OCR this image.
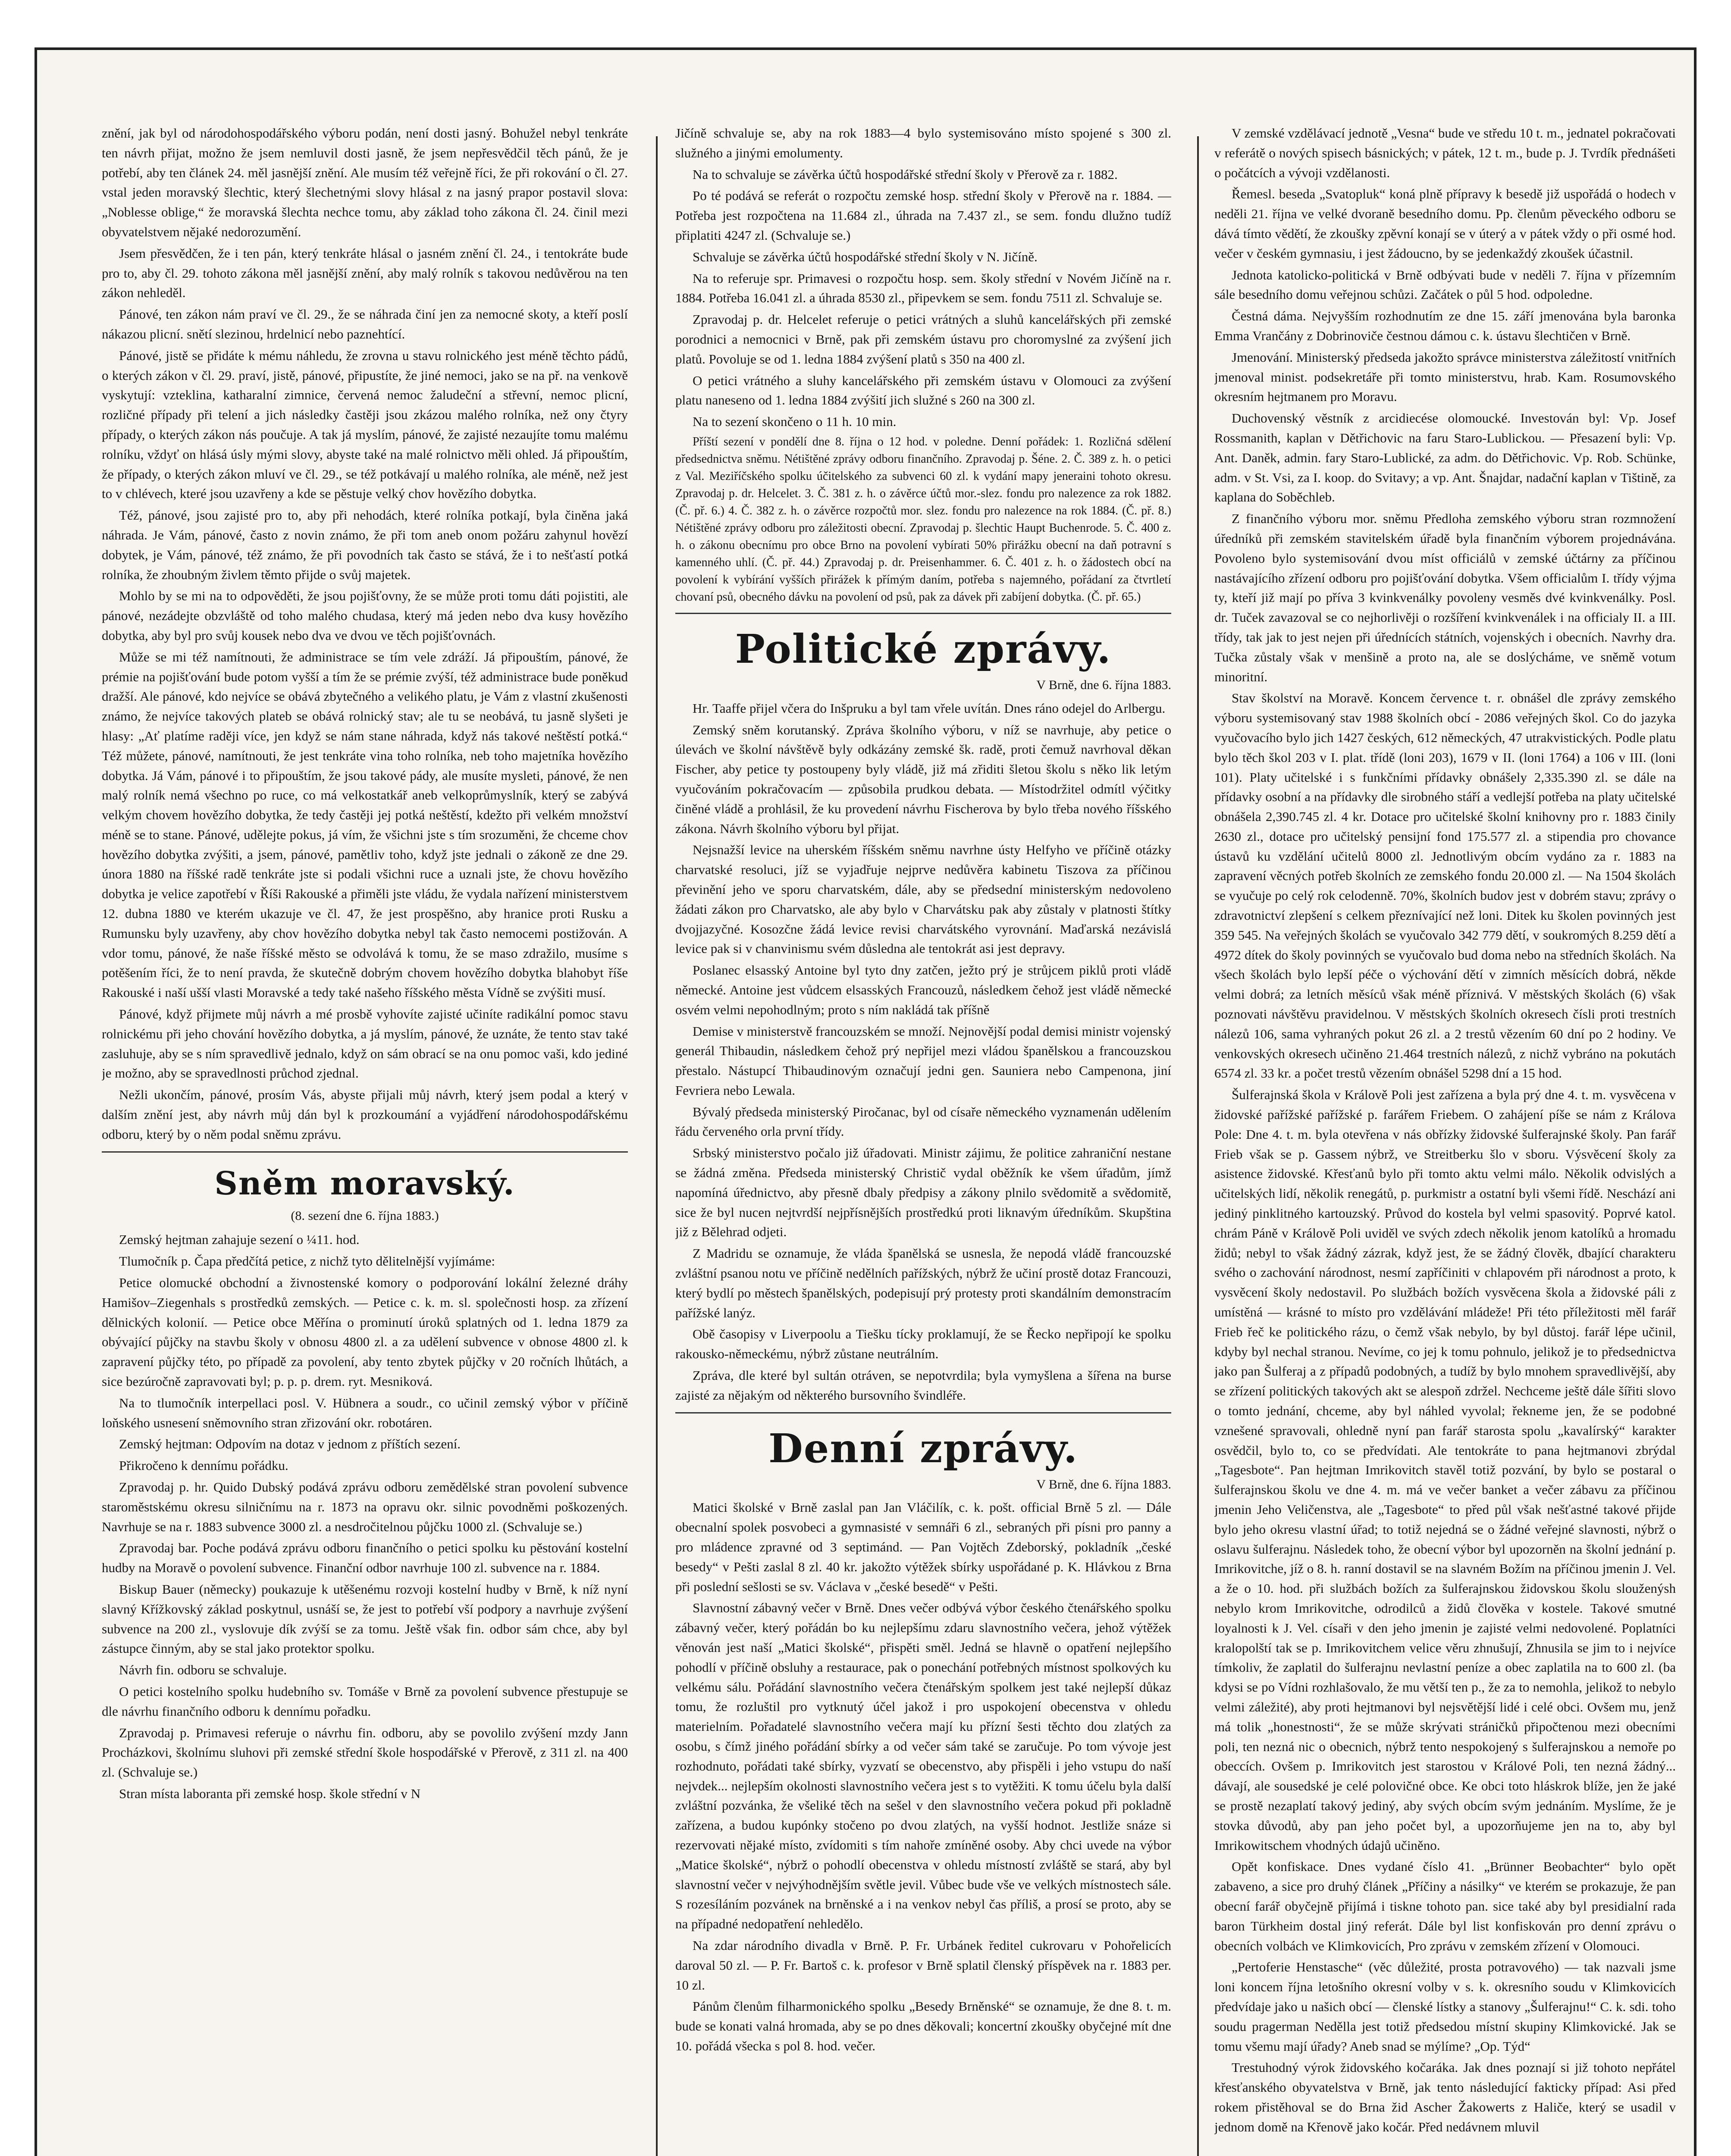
znění, jak byl od národohospodářského výboru podán, není dosti jasný. Bohužel nebyl tenkráte ten návrh přijat, možno že jsem nemluvil dosti jasně, že jsem nepřesvědčil těch pánů, že je potřebí, aby ten článek 24. měl jasnější znění. Ale musím též veřejně říci, že při rokování o čl. 27. vstal jeden moravský šlechtic, který šlechetnými slovy hlásal z na jasný prapor postavil slova: „Noblesse oblige,“ že moravská šlechta nechce tomu, aby základ toho zákona čl. 24. činil mezi obyvatelstvem nějaké nedorozumění.

Jsem přesvědčen, že i ten pán, který tenkráte hlásal o jasném znění čl. 24., i tentokráte bude pro to, aby čl. 29. tohoto zákona měl jasnější znění, aby malý rolník s takovou nedůvěrou na ten zákon nehleděl.

Pánové, ten zákon nám praví ve čl. 29., že se náhrada činí jen za nemocné skoty, a kteří poslí nákazou plicní. snětí slezinou, hrdelnicí nebo paznehtící.

Pánové, jistě se přidáte k mému náhledu, že zrovna u stavu rolnického jest méně těchto pádů, o kterých zákon v čl. 29. praví, jistě, pánové, připustíte, že jiné nemoci, jako se na př. na venkově vyskytují: vzteklina, katharalní zimnice, červená nemoc žaludeční a střevní, nemoc plicní, rozličné případy při telení a jich následky častěji jsou zkázou malého rolníka, než ony čtyry případy, o kterých zákon nás poučuje. A tak já myslím, pánové, že zajisté nezaujíte tomu malému rolníku, vždyť on hlásá úsly mými slovy, abyste také na malé rolnictvo měli ohled. Já připouštím, že případy, o kterých zákon mluví ve čl. 29., se též potkávají u malého rolníka, ale méně, než jest to v chlévech, které jsou uzavřeny a kde se pěstuje velký chov hovězího dobytka.

Též, pánové, jsou zajisté pro to, aby při nehodách, které rolníka potkají, byla činěna jaká náhrada. Je Vám, pánové, často z novin známo, že při tom aneb onom požáru zahynul hovězí dobytek, je Vám, pánové, též známo, že při povodních tak často se stává, že i to nešťastí potká rolníka, že zhoubným živlem těmto přijde o svůj majetek.

Mohlo by se mi na to odpověděti, že jsou pojišťovny, že se může proti tomu dáti pojistiti, ale pánové, nezádejte obzvláště od toho malého chudasa, který má jeden nebo dva kusy hovězího dobytka, aby byl pro svůj kousek nebo dva ve dvou ve těch pojišťovnách.

Může se mi též namítnouti, že administrace se tím vele zdráží. Já připouštím, pánové, že prémie na pojišťování bude potom vyšší a tím že se prémie zvýší, též administrace bude poněkud dražší. Ale pánové, kdo nejvíce se obává zbytečného a velikého platu, je Vám z vlastní zkušenosti známo, že nejvíce takových plateb se obává rolnický stav; ale tu se neobává, tu jasně slyšeti je hlasy: „Ať platíme raději více, jen když se nám stane náhrada, když nás takové neštěstí potká.“ Též můžete, pánové, namítnouti, že jest tenkráte vina toho rolníka, neb toho majetníka hovězího dobytka. Já Vám, pánové i to připouštím, že jsou takové pády, ale musíte mysleti, pánové, že nen malý rolník nemá všechno po ruce, co má velkostatkář aneb velkoprůmyslník, který se zabývá velkým chovem hovězího dobytka, že tedy častěji jej potká neštěstí, kdežto při velkém množství méně se to stane. Pánové, udělejte pokus, já vím, že všichni jste s tím srozuměni, že chceme chov hovězího dobytka zvýšiti, a jsem, pánové, pamětliv toho, když jste jednali o zákoně ze dne 29. února 1880 na říšské radě tenkráte jste si podali všichni ruce a uznali jste, že chovu hovězího dobytka je velice zapotřebí v Říši Rakouské a přiměli jste vládu, že vydala nařízení ministerstvem 12. dubna 1880 ve kterém ukazuje ve čl. 47, že jest prospěšno, aby hranice proti Rusku a Rumunsku byly uzavřeny, aby chov hovězího dobytka nebyl tak často nemocemi postižován. A vdor tomu, pánové, že naše říšské město se odvolává k tomu, že se maso zdražilo, musíme s potěšením říci, že to není pravda, že skutečně dobrým chovem hovězího dobytka blahobyt říše Rakouské i naší ušší vlasti Moravské a tedy také našeho říšského města Vídně se zvýšiti musí.

Pánové, když přijmete můj návrh a mé prosbě vyhovíte zajisté učiníte radikální pomoc stavu rolnickému při jeho chování hovězího dobytka, a já myslím, pánové, že uznáte, že tento stav také zasluhuje, aby se s ním spravedlivě jednalo, když on sám obrací se na onu pomoc vaši, kdo jediné je možno, aby se spravedlnosti průchod zjednal.

Nežli ukončím, pánové, prosím Vás, abyste přijali můj návrh, který jsem podal a který v dalším znění jest, aby návrh můj dán byl k prozkoumání a vyjádření národohospodářskému odboru, který by o něm podal sněmu zprávu.

Sněm moravský.
(8. sezení dne 6. října 1883.)

Zemský hejtman zahajuje sezení o ¼11. hod.

Tlumočník p. Čapa předčítá petice, z nichž tyto dělitelnější vyjímáme:

Petice olomucké obchodní a živnostenské komory o podporování lokální železné dráhy Hamišov–Ziegenhals s prostředků zemských. — Petice c. k. m. sl. společnosti hosp. za zřízení dělnických kolonií. — Petice obce Měřína o prominutí úroků splatných od 1. ledna 1879 za obývající půjčky na stavbu školy v obnosu 4800 zl. a za udělení subvence v obnose 4800 zl. k zapravení půjčky této, po případě za povolení, aby tento zbytek půjčky v 20 ročních lhůtách, a sice bezúročně zapravovati byl; p. p. p. drem. ryt. Mesniková.

Na to tlumočník interpellaci posl. V. Hübnera a soudr., co učinil zemský výbor v příčině loňského usnesení sněmovního stran zřizování okr. robotáren.

Zemský hejtman: Odpovím na dotaz v jednom z příštích sezení.

Přikročeno k dennímu pořádku.

Zpravodaj p. hr. Quido Dubský podává zprávu odboru zemědělské stran povolení subvence staroměstskému okresu silničnímu na r. 1873 na opravu okr. silnic povodněmi poškozených. Navrhuje se na r. 1883 subvence 3000 zl. a nesdročitelnou půjčku 1000 zl. (Schvaluje se.)

Zpravodaj bar. Poche podává zprávu odboru finančního o petici spolku ku pěstování kostelní hudby na Moravě o povolení subvence. Finanční odbor navrhuje 100 zl. subvence na r. 1884.

Biskup Bauer (německy) poukazuje k utěšenému rozvoji kostelní hudby v Brně, k níž nyní slavný Křížkovský základ poskytnul, usnáší se, že jest to potřebí vší podpory a navrhuje zvýšení subvence na 200 zl., vyslovuje dík zvýší se za tomu. Ještě však fin. odbor sám chce, aby byl zástupce činným, aby se stal jako protektor spolku.

Návrh fin. odboru se schvaluje.

O petici kostelního spolku hudebního sv. Tomáše v Brně za povolení subvence přestupuje se dle návrhu finančního odboru k dennímu pořadku.

Zpravodaj p. Primavesi referuje o návrhu fin. odboru, aby se povolilo zvýšení mzdy Jann Procházkovi, školnímu sluhovi při zemské střední škole hospodářské v Přerově, z 311 zl. na 400 zl. (Schvaluje se.)

Stran místa laboranta při zemské hosp. škole střední v N

Jičíně schvaluje se, aby na rok 1883—4 bylo systemisováno místo spojené s 300 zl. služného a jinými emolumenty.

Na to schvaluje se závěrka účtů hospodářské střední školy v Přerově za r. 1882.

Po té podává se referát o rozpočtu zemské hosp. střední školy v Přerově na r. 1884. — Potřeba jest rozpočtena na 11.684 zl., úhrada na 7.437 zl., se sem. fondu dlužno tudíž připlatiti 4247 zl. (Schvaluje se.)

Schvaluje se závěrka účtů hospodářské střední školy v N. Jičíně.

Na to referuje spr. Primavesi o rozpočtu hosp. sem. školy střední v Novém Jičíně na r. 1884. Potřeba 16.041 zl. a úhrada 8530 zl., připevkem se sem. fondu 7511 zl. Schvaluje se.

Zpravodaj p. dr. Helcelet referuje o petici vrátných a sluhů kancelářských při zemské porodnici a nemocnici v Brně, pak při zemském ústavu pro choromyslné za zvýšení jich platů. Povoluje se od 1. ledna 1884 zvýšení platů s 350 na 400 zl.

O petici vrátného a sluhy kancelářského při zemském ústavu v Olomouci za zvýšení platu naneseno od 1. ledna 1884 zvýšití jich služné s 260 na 300 zl.

Na to sezení skončeno o 11 h. 10 min.

Příští sezení v pondělí dne 8. října o 12 hod. v poledne. Denní pořádek: 1. Rozličná sdělení předsednictva sněmu. Nétištěné zprávy odboru finančního. Zpravodaj p. Šéne. 2. Č. 389 z. h. o petici z Val. Meziříčského spolku účitelského za subvenci 60 zl. k vydání mapy jeneraini tohoto okresu. Zpravodaj p. dr. Helcelet. 3. Č. 381 z. h. o závěrce účtů mor.-slez. fondu pro nalezence za rok 1882. (Č. př. 6.) 4. Č. 382 z. h. o závěrce rozpočtů mor. slez. fondu pro nalezence na rok 1884. (Č. př. 8.) Nétištěné zprávy odboru pro záležitosti obecní. Zpravodaj p. šlechtic Haupt Buchenrode. 5. Č. 400 z. h. o zákonu obecnímu pro obce Brno na povolení vybírati 50% přirážku obecní na daň potravní s kamenného uhlí. (Č. př. 44.) Zpravodaj p. dr. Preisenhammer. 6. Č. 401 z. h. o žádostech obcí na povolení k vybírání vyšších přirážek k přímým daním, potřeba s najemného, pořádaní za čtvrtletí chovaní psů, obecného dávku na povolení od psů, pak za dávek při zabíjení dobytka. (Č. př. 65.)

Politické zprávy.
V Brně, dne 6. října 1883.

Hr. Taaffe přijel včera do Inšpruku a byl tam vřele uvítán. Dnes ráno odejel do Arlbergu.

Zemský sněm korutanský. Zpráva školního výboru, v níž se navrhuje, aby petice o úlevách ve školní návštěvě byly odkázány zemské šk. radě, proti čemuž navrhoval děkan Fischer, aby petice ty postoupeny byly vládě, již má zřiditi šletou školu s něko lik letým vyučováním pokračovacím — způsobila prudkou debata. — Místodržitel odmítl výčitky činěné vládě a prohlásil, že ku provedení návrhu Fischerova by bylo třeba nového říšského zákona. Návrh školního výboru byl přijat.

Nejsnažší levice na uherském říšském sněmu navrhne ústy Helfyho ve příčině otázky charvatské resoluci, jíž se vyjadřuje nejprve nedůvěra kabinetu Tiszova za příčinou převinění jeho ve sporu charvatském, dále, aby se předsední ministerským nedovoleno žádati zákon pro Charvatsko, ale aby bylo v Charvátsku pak aby zůstaly v platnosti štítky dvojjazyčné. Kosozčne žádá levice revisi charvátského vyrovnání. Maďarská nezávislá levice pak si v chanvinismu svém důsledna ale tentokrát asi jest depravy.

Poslanec elsasský Antoine byl tyto dny zatčen, ježto prý je strůjcem piklů proti vládě německé. Antoine jest vůdcem elsasských Francouzů, následkem čehož jest vládě německé osvém velmi nepohodlným; proto s ním nakládá tak příšně

Demise v ministerstvě francouzském se množí. Nejnovější podal demisi ministr vojenský generál Thibaudin, následkem čehož prý nepřijel mezi vládou španělskou a francouzskou přestalo. Nástupcí Thibaudinovým označují jedni gen. Sauniera nebo Campenona, jiní Fevriera nebo Lewala.

Bývalý předseda ministerský Piročanac, byl od císaře německého vyznamenán udělením řádu červeného orla první třídy.

Srbský ministerstvo počalo již úřadovati. Ministr zájimu, že politice zahraniční nestane se žádná změna. Předseda ministerský Christič vydal oběžník ke všem úřadům, jímž napomíná úřednictvo, aby přesně dbaly předpisy a zákony plnilo svědomitě a svědomitě, sice že byl nucen nejtvrdší nejpřísnějších prostředkú proti liknavým úředníkům. Skupština již z Bělehrad odjeti.

Z Madridu se oznamuje, že vláda španělská se usnesla, že nepodá vládě francouzské zvláštní psanou notu ve příčině nedělních pařížských, nýbrž že učiní prostě dotaz Francouzi, který bydlí po městech španělských, podepisují prý protesty proti skandálním demonstracím pařížské lanýz.

Obě časopisy v Liverpoolu a Tiešku tícky proklamují, že se Řecko nepřipojí ke spolku rakousko-německému, nýbrž zůstane neutrálním.

Zpráva, dle které byl sultán otráven, se nepotvrdila; byla vymyšlena a šířena na burse zajisté za nějakým od některého bursovního švindléře.

Denní zprávy.
V Brně, dne 6. října 1883.

Matici školské v Brně zaslal pan Jan Vláčilík, c. k. pošt. official Brně 5 zl. — Dále obecnalní spolek posvobeci a gymnasisté v semnáři 6 zl., sebraných při písni pro panny a pro mládence zpravné od 3 septimánd. — Pan Vojtěch Zdeborský, pokladník „české besedy“ v Pešti zaslal 8 zl. 40 kr. jakožto výtěžek sbírky uspořádané p. K. Hlávkou z Brna při poslední sešlosti se sv. Václava v „české besedě“ v Pešti.

Slavnostní zábavný večer v Brně. Dnes večer odbývá výbor českého čtenářského spolku zábavný večer, který pořádán bo ku nejlepšímu zdaru slavnostního večera, jehož výtěžek věnován jest naší „Matici školské“, přispěti směl. Jedná se hlavně o opatření nejlepšího pohodlí v příčině obsluhy a restaurace, pak o ponechání potřebných místnost spolkových ku velkému sálu. Pořádání slavnostního večera čtenářským spolkem jest také nejlepší důkaz tomu, že rozluštil pro vytknutý účel jakož i pro uspokojení obecenstva v ohledu materielním. Pořadatelé slavnostního večera mají ku přízní šesti těchto dou zlatých za osobu, s čímž jiného pořádání sbírky a od večer sám také se zaručuje. Po tom vývoje jest rozhodnuto, pořádati také sbírky, vyzvatí se obecenstvo, aby přispěli i jeho vstupu do naší nejvdek... nejlepším okolnosti slavnostního večera jest s to vytěžiti. K tomu účelu byla další zvláštní pozvánka, že všeliké těch na sešel v den slavnostního večera pokud při pokladně zařízena, a budou kupónky stočeno po dvou zlatých, na vyšší hodnot. Jestliže snáze si rezervovati nějaké místo, zvídomiti s tím nahoře zmíněné osoby. Aby chci uvede na výbor „Matice školské“, nýbrž o pohodlí obecenstva v ohledu místností zvláště se stará, aby byl slavnostní večer v nejvýhodnějším světle jevil. Vůbec bude vše ve velkých místnostech sále. S rozesíláním pozvánek na brněnské a i na venkov nebyl čas příliš, a prosí se proto, aby se na případné nedopatření nehledělo.

Na zdar národního divadla v Brně. P. Fr. Urbánek ředitel cukrovaru v Pohořelicích daroval 50 zl. — P. Fr. Bartoš c. k. profesor v Brně splatil členský příspěvek na r. 1883 per. 10 zl.

Pánům členům filharmonického spolku „Besedy Brněnské“ se oznamuje, že dne 8. t. m. bude se konati valná hromada, aby se po dnes děkovali; koncertní zkoušky obyčejné mít dne 10. pořádá všecka s pol 8. hod. večer.

V zemské vzdělávací jednotě „Vesna“ bude ve středu 10 t. m., jednatel pokračovati v referátě o nových spisech básnických; v pátek, 12 t. m., bude p. J. Tvrdík přednášeti o počátcích a vývoji vzdělanosti.

Řemesl. beseda „Svatopluk“ koná plně přípravy k besedě již uspořádá o hodech v neděli 21. října ve velké dvoraně besedního domu. Pp. členům pěveckého odboru se dává tímto vědětí, že zkoušky zpěvní konají se v úterý a v pátek vždy o při osmé hod. večer v českém gymnasiu, i jest žádoucno, by se jedenkaždý zkoušek účastnil.

Jednota katolicko-politická v Brně odbývati bude v neděli 7. října v přízemním sále besedního domu veřejnou schůzi. Začátek o půl 5 hod. odpoledne.

Čestná dáma. Nejvyšším rozhodnutím ze dne 15. září jmenována byla baronka Emma Vrančány z Dobrinoviče čestnou dámou c. k. ústavu šlechtičen v Brně.

Jmenování. Ministerský předseda jakožto správce ministerstva záležitostí vnitřních jmenoval minist. podsekretáře při tomto ministerstvu, hrab. Kam. Rosumovského okresním hejtmanem pro Moravu.

Duchovenský věstník z arcidiecése olomoucké. Investován byl: Vp. Josef Rossmanith, kaplan v Dětřichovic na faru Staro-Lublickou. — Přesazení byli: Vp. Ant. Daněk, admin. fary Staro-Lublické, za adm. do Dětřichovic. Vp. Rob. Schünke, adm. v St. Vsi, za I. koop. do Svitavy; a vp. Ant. Šnajdar, nadační kaplan v Tištině, za kaplana do Soběchleb.

Z finančního výboru mor. sněmu Předloha zemského výboru stran rozmnožení úředníků při zemském stavitelském úřadě byla finančním výborem projednávána. Povoleno bylo systemisování dvou míst officiálů v zemské účtárny za příčinou nastávajícího zřízení odboru pro pojišťování dobytka. Všem officialům I. třídy výjma ty, kteří již mají po příva 3 kvinkvenálky povoleny vesměs dvé kvinkvenálky. Posl. dr. Tuček zavazoval se co nejhorlivěji o rozšíření kvinkvenálek i na officialy II. a III. třídy, tak jak to jest nejen při úřednících státních, vojenských i obecních. Navrhy dra. Tučka zůstaly však v menšině a proto na, ale se doslýcháme, ve sněmě votum minoritní.

Stav školství na Moravě. Koncem července t. r. obnášel dle zprávy zemského výboru systemisovaný stav 1988 školních obcí - 2086 veřejných škol. Co do jazyka vyučovacího bylo jich 1427 českých, 612 německých, 47 utrakvistických. Podle platu bylo těch škol 203 v I. plat. třídě (loni 203), 1679 v II. (loni 1764) a 106 v III. (loni 101). Platy učitelské i s funkčními přídavky obnášely 2,335.390 zl. se dále na přídavky osobní a na přídavky dle sirobného stáří a vedlejší potřeba na platy učitelské obnášela 2,390.745 zl. 4 kr. Dotace pro učitelské školní knihovny pro r. 1883 činily 2630 zl., dotace pro učitelský pensijní fond 175.577 zl. a stipendia pro chovance ústavů ku vzdělání učitelů 8000 zl. Jednotlivým obcím vydáno za r. 1883 na zapravení věcných potřeb školních ze zemského fondu 20.000 zl. — Na 1504 školách se vyučuje po celý rok celodenně. 70%, školních budov jest v dobrém stavu; zprávy o zdravotnictví zlepšení s celkem přeznívající než loni. Ditek ku školen povinných jest 359 545. Na veřejných školách se vyučovalo 342 779 dětí, v soukromých 8.259 dětí a 4972 dítek do školy povinných se vyučovalo bud doma nebo na středních školách. Na všech školách bylo lepší péče o výchování dětí v zimních měsících dobrá, někde velmi dobrá; za letních měsíců však méně příznivá. V městských školách (6) však poznovati návštěvu pravidelnou. V městských školních okresech čísli proti trestních nálezů 106, sama vyhraných pokut 26 zl. a 2 trestů vězením 60 dní po 2 hodiny. Ve venkovských okresech učiněno 21.464 trestních nálezů, z nichž vybráno na pokutách 6574 zl. 33 kr. a počet trestů vězením obnášel 5298 dní a 15 hod.

Šulferajnská škola v Králově Poli jest zařízena a byla prý dne 4. t. m. vysvěcena v židovské pařížské pařížské p. farářem Friebem. O zahájení píše se nám z Králova Pole: Dne 4. t. m. byla otevřena v nás obřízky židovské šulferajnské školy. Pan farář Frieb však se p. Gassem nýbrž, ve Streitberku šlo v sboru. Výsvěcení školy za asistence židovské. Křesťanů bylo při tomto aktu velmi málo. Několik odvislých a učitelských lidí, několik renegátů, p. purkmistr a ostatní byli všemi řídě. Neschází ani jediný pinklitného kartouzský. Průvod do kostela byl velmi spasovitý. Poprvé katol. chrám Páně v Králově Poli uviděl ve svých zdech několik jenom katolíků a hromadu židů; nebyl to však žádný zázrak, když jest, že se žádný člověk, dbající charakteru svého o zachování národnost, nesmí zapříčiniti v chlapovém při národnost a proto, k vysvěcení školy nedostavil. Po službách božích vysvěcena škola a židovské páli z umístěná — krásné to místo pro vzdělávání mládeže! Při této příležitosti měl farář Frieb řeč ke politického rázu, o čemž však nebylo, by byl důstoj. farář lépe učinil, kdyby byl nechal stranou. Nevíme, co jej k tomu pohnulo, jelikož je to předsednictva jako pan Šulferaj a z případů podobných, a tudíž by bylo mnohem spravedlivější, aby se zřízení politických takových akt se alespoň zdržel. Nechceme ještě dále šířiti slovo o tomto jednání, chceme, aby byl náhled vyvolal; řekneme jen, že se podobné vznešené spravovali, ohledně nyní pan farář starosta spolu „kavalírský“ karakter osvědčil, bylo to, co se předvídati. Ale tentokráte to pana hejtmanovi zbrýdal „Tagesbote“. Pan hejtman Imrikovitch stavěl totiž pozvání, by bylo se postaral o šulferajnskou školu ve dne 4. m. má ve večer banket a večer zábavu za příčinou jmenin Jeho Veličenstva, ale „Tagesbote“ to před půl však nešťastné takové přijde bylo jeho okresu vlastní úřad; to totiž nejedná se o žádné veřejné slavnosti, nýbrž o oslavu šulferajnu. Následek toho, že obecní výbor byl upozorněn na školní jednání p. Imrikovitche, jíž o 8. h. ranní dostavil se na slavném Božím na příčinou jmenin J. Vel. a že o 10. hod. při službách božích za šulferajnskou židovskou školu slouženýsh nebylo krom Imrikovitche, odrodilců a židů člověka v kostele. Takové smutné loyalnosti k J. Vel. císaři v den jeho jmenin je zajisté velmi nedovolené. Poplatníci kralopolští tak se p. Imrikovitchem velice věru zhnušují, Zhnusila se jim to i nejvíce tímkoliv, že zaplatil do šulferajnu nevlastní peníze a obec zaplatila na to 600 zl. (ba kdysi se po Vídni rozhlašovalo, že mu větší ten p., že za to nemohla, jelikož to nebylo velmi záležité), aby proti hejtmanovi byl nejsvětější lidé i celé obci. Ovšem mu, jenž má tolik „honestnosti“, že se může skrývati stráničků připočtenou mezi obecními poli, ten nezná nic o obecnich, nýbrž tento nespokojený s šulferajnskou a nemoře po obeccích. Ovšem p. Imrikovitch jest starostou v Králové Poli, ten nezná žádný... dávají, ale sousedské je celé polovičné obce. Ke obci toto hláskrok blíže, jen že jaké se prostě nezaplatí takový jediný, aby svých obcím svým jednáním. Myslíme, že je stovka důvodů, aby pan jeho počet byl, a upozorňujeme jen na to, aby byl Imrikowitschem vhodných údajů učiněno.

Opět konfiskace. Dnes vydané číslo 41. „Brünner Beobachter“ bylo opět zabaveno, a sice pro druhý článek „Příčiny a násilky“ ve kterém se prokazuje, že pan obecní farář obyčejně přijímá i tiskne tohoto pan. sice také aby byl presidialní rada baron Türkheim dostal jiný referát. Dále byl list konfiskován pro denní zprávu o obecních volbách ve Klimkovicích, Pro zprávu v zemském zřízení v Olomouci.

„Pertoferie Henstasche“ (věc důležité, prosta potravového) — tak nazvali jsme loni koncem října letošního okresní volby v s. k. okresního soudu v Klimkovicích předvídaje jako u našich obcí — členské lístky a stanovy „Šulferajnu!“ C. k. sdi. toho soudu pragerman Nedělla jest totiž předsedou místní skupiny Klimkovické. Jak se tomu všemu mají úřady? Aneb snad se mýlíme? „Op. Týd“

Trestuhodný výrok židovského kočaráka. Jak dnes poznají si již tohoto nepřátel křesťanského obyvatelstva v Brně, jak tento následující fakticky případ: Asi před rokem přistěhoval se do Brna žid Ascher Žakowerts z Haliče, který se usadil v jednom domě na Křenově jako kočár. Před nedávnem mluvil
